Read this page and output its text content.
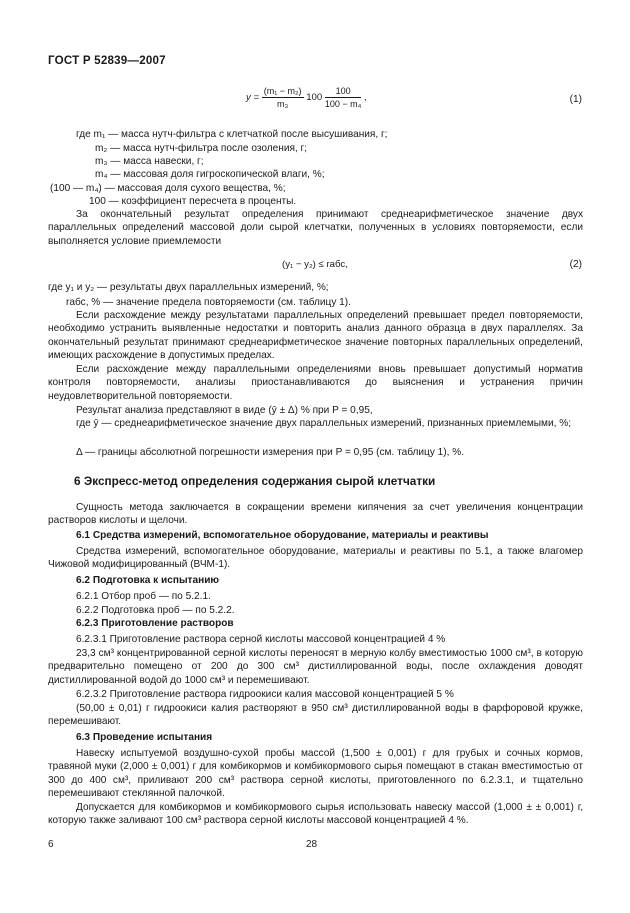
ГОСТ Р 52839—2007
$y = \frac{\text{(m₁ − m₂)}}{\text{m₃}} 100 \frac{100}{\text{100 − m₄}}$ ,	(1)
где m₁ — масса нутч-фильтра с клетчаткой после высушивания, г;
m₂ — масса нутч-фильтра после озоления, г;
m₃ — масса навески, г;
m₄ — массовая доля гигроскопической влаги, %;
(100 — m₄) — массовая доля сухого вещества, %;
100 — коэффициент пересчета в проценты.

За окончательный результат определения принимают среднеарифметическое значение двух параллельных определений массовой доли сырой клетчатки, полученных в условиях повторяемости, если выполняется условие приемлемости

(y₁ − y₂) ≤ rабс,	(2)
где y₁ и y₂ — результаты двух параллельных измерений, %;
rабс, % — значение предела повторяемости (см. таблицу 1).

Если расхождение между результатами параллельных определений превышает предел повторяемости, необходимо устранить выявленные недостатки и повторить анализ данного образца в двух параллелях. За окончательный результат принимают среднеарифметическое значение повторных параллельных определений, имеющих расхождение в допустимых пределах.

Если расхождение между параллельными определениями вновь превышает допустимый норматив контроля повторяемости, анализы приостанавливаются до выяснения и устранения причин неудовлетворительной повторяемости.

Результат анализа представляют в виде (ȳ ± Δ) % при P = 0,95,

где ȳ — среднеарифметическое значение двух параллельных измерений, признанных приемлемыми, %;

Δ — границы абсолютной погрешности измерения при P = 0,95 (см. таблицу 1), %.
6 Экспресс-метод определения содержания сырой клетчатки

Сущность метода заключается в сокращении времени кипячения за счет увеличения концентрации растворов кислоты и щелочи.

6.1 Средства измерений, вспомогательное оборудование, материалы и реактивы

Средства измерений, вспомогательное оборудование, материалы и реактивы по 5.1, а также влагомер Чижовой модифицированный (ВЧМ-1).

6.2 Подготовка к испытанию
6.2.1 Отбор проб — по 5.2.1.
6.2.2 Подготовка проб — по 5.2.2.
6.2.3 Приготовление растворов
6.2.3.1 Приготовление раствора серной кислоты массовой концентрацией 4 %

23,3 см³ концентрированной серной кислоты переносят в мерную колбу вместимостью 1000 см³, в которую предварительно помещено от 200 до 300 см³ дистиллированной воды, после охлаждения доводят дистиллированной водой до 1000 см³ и перемешивают.

6.2.3.2 Приготовление раствора гидроокиси калия массовой концентрацией 5 %

(50,00 ± 0,01) г гидроокиси калия растворяют в 950 см³ дистиллированной воды в фарфоровой кружке, перемешивают.

6.3 Проведение испытания

Навеску испытуемой воздушно-сухой пробы массой (1,500 ± 0,001) г для грубых и сочных кормов, травяной муки (2,000 ± 0,001) г для комбикормов и комбикормового сырья помещают в стакан вместимостью от 300 до 400 см³, приливают 200 см³ раствора серной кислоты, приготовленного по 6.2.3.1, и тщательно перемешивают стеклянной палочкой.

Допускается для комбикормов и комбикормового сырья использовать навеску массой (1,000 ± ± 0,001) г, которую также заливают 100 см³ раствора серной кислоты массовой концентрацией 4 %.

6	28
